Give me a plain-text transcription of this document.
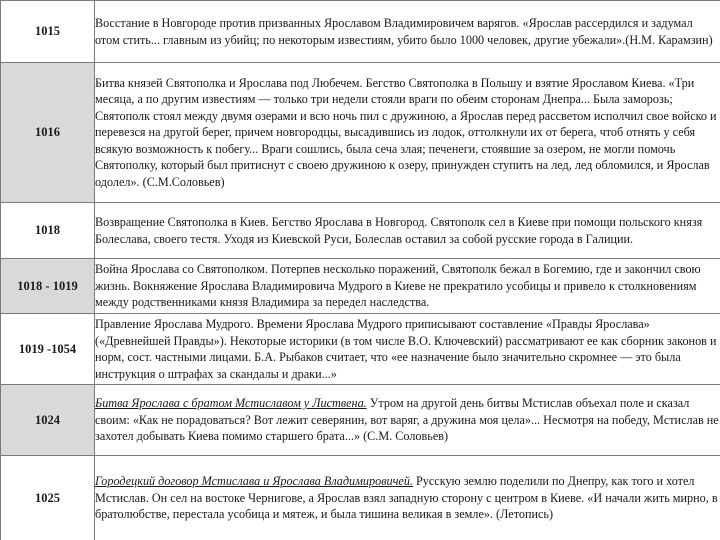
1015	Восстание в Новгороде против призванных Ярославом Владимировичем варягов. «Ярослав рассердился и задумал отом стить... главным из убийц; по некоторым известиям, убито было 1000 человек, другие убежали».(Н.М. Карамзин)
1016	Битва князей Святополка и Ярослава под Любечем. Бегство Святополка в Польшу и взятие Ярославом Киева. «Три месяца, а по другим известиям — только три недели стояли враги по обеим сторонам Днепра... Была заморозь; Святополк стоял между двумя озерами и всю ночь пил с дружиною, а Ярослав перед рассветом исполчил свое войско и перевезся на другой берег, причем новгородцы, высадившись из лодок, оттолкнули их от берега, чтоб отнять у себя всякую возможность к побегу... Враги сошлись, была сеча злая; печенеги, стоявшие за озером, не могли помочь Святополку, который был притиснут с своею дружиною к озеру, принужден ступить на лед, лед обломился, и Ярослав одолел». (С.М.Соловьев)
1018	Возвращение Святополка в Киев. Бегство Ярослава в Новгород. Святополк сел в Киеве при помощи польского князя Болеслава, своего тестя. Уходя из Киевской Руси, Болеслав оставил за собой русские города в Галиции.
1018 - 1019	Война Ярослава со Святополком. Потерпев несколько поражений, Святополк бежал в Богемию, где и закончил свою жизнь. Вокняжение Ярослава Владимировича Мудрого в Киеве не прекратило усобицы и привело к столкновениям между родственниками князя Владимира за передел наследства.
1019 -1054	Правление Ярослава Мудрого. Времени Ярослава Мудрого приписывают составление «Правды Ярослава» («Древнейшей Правды»). Некоторые историки (в том числе В.О. Ключевский) рассматривают ее как сборник законов и норм, сост. частными лицами. Б.А. Рыбаков считает, что «ее назначение было значительно скромнее — это была инструкция о штрафах за скандалы и драки...»
1024	Битва Ярослава с братом Мстиславом у Листвена. Утром на другой день битвы Мстислав объехал поле и сказал своим: «Как не порадоваться? Вот лежит северянин, вот варяг, а дружина моя цела»... Несмотря на победу, Мстислав не захотел добывать Киева помимо старшего брата...» (С.М. Соловьев)
1025	Городецкий договор Мстислава и Ярослава Владимировичей. Русскую землю поделили по Днепру, как того и хотел Мстислав. Он сел на востоке Чернигове, а Ярослав взял западную сторону с центром в Киеве. «И начали жить мирно, в братолюбстве, перестала усобица и мятеж, и была тишина великая в земле». (Летопись)
